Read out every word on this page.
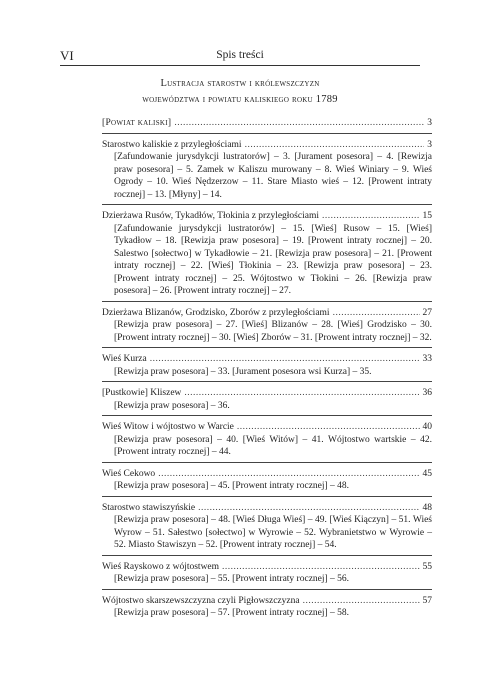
VI	Spis treści
Lustracja starostw i królewszczyzn
województwa i powiatu kaliskiego roku 1789
[Powiat kaliski] .....	3
Starostwo kaliskie z przyległościami .....	3
[Zafundowanie jurysdykcji lustratorów] – 3. [Jurament posesora] – 4. [Rewizja praw posesora] – 5. Zamek w Kaliszu murowany – 8. Wieś Winiary – 9. Wieś Ogrody – 10. Wieś Nędzerzow – 11. Stare Miasto wieś – 12. [Prowent intraty rocznej] – 13. [Młyny] – 14.
Dzierżawa Rusów, Tykadłów, Tłokinia z przyległościami .....	15
[Zafundowanie jurysdykcji lustratorów] – 15. [Wieś] Rusow – 15. [Wieś] Tykadłow – 18. [Rewizja praw posesora] – 19. [Prowent intraty rocznej] – 20. Salestwo [sołectwo] w Tykadłowie – 21. [Rewizja praw posesora] – 21. [Prowent intraty rocznej] – 22. [Wieś] Tłokinia – 23. [Rewizja praw posesora] – 23. [Prowent intraty rocznej] – 25. Wójtostwo w Tłokini – 26. [Rewizja praw posesora] – 26. [Prowent intraty rocznej] – 27.
Dzierżawa Blizanów, Grodzisko, Zborów z przyległościami .....	27
[Rewizja praw posesora] – 27. [Wieś] Blizanów – 28. [Wieś] Grodzisko – 30. [Prowent intraty rocznej] – 30. [Wieś] Zborów – 31. [Prowent intraty rocznej] – 32.
Wieś Kurza .....	33
[Rewizja praw posesora] – 33. [Jurament posesora wsi Kurza] – 35.
[Pustkowie] Kliszew .....	36
[Rewizja praw posesora] – 36.
Wieś Witow i wójtostwo w Warcie .....	40
[Rewizja praw posesora] – 40. [Wieś Witów] – 41. Wójtostwo wartskie – 42. [Prowent intraty rocznej] – 44.
Wieś Cekowo .....	45
[Rewizja praw posesora] – 45. [Prowent intraty rocznej] – 48.
Starostwo stawiszyńskie .....	48
[Rewizja praw posesora] – 48. [Wieś Długa Wieś] – 49. [Wieś Kiączyn] – 51. Wieś Wyrow – 51. Sałestwo [sołectwo] w Wyrowie – 52. Wybranietstwo w Wyrowie – 52. Miasto Stawiszyn – 52. [Prowent intraty rocznej] – 54.
Wieś Rayskowo z wójtostwem .....	55
[Rewizja praw posesora] – 55. [Prowent intraty rocznej] – 56.
Wójtostwo skarszewszczyzna czyli Pigłowszczyzna .....	57
[Rewizja praw posesora] – 57. [Prowent intraty rocznej] – 58.
